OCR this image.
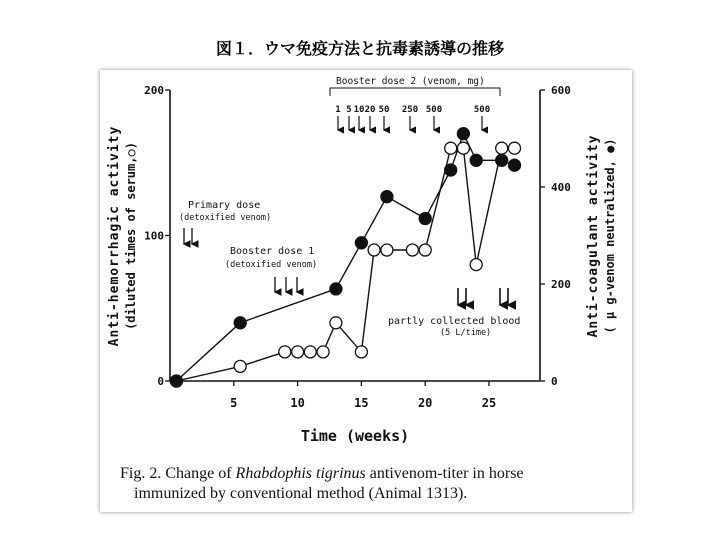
図１．ウマ免疫方法と抗毒素誘導の推移
5	10	15	20	25
0
100
200
0
200
400
600
Time (weeks)
Anti-hemorrhagic activity (diluted times of serum,○)	Anti-coagulant activity ( μ g-venom neutralized, ●)
Primary dose
(detoxified venom)
Booster dose 1
(detoxified venom)
Booster dose 2 (venom, mg)
1 5 10 20 50 250 500	500
partly collected blood
(5 L/time)
Fig. 2. Change of Rhabdophis tigrinus antivenom-titer in horse
immunized by conventional method (Animal 1313).
